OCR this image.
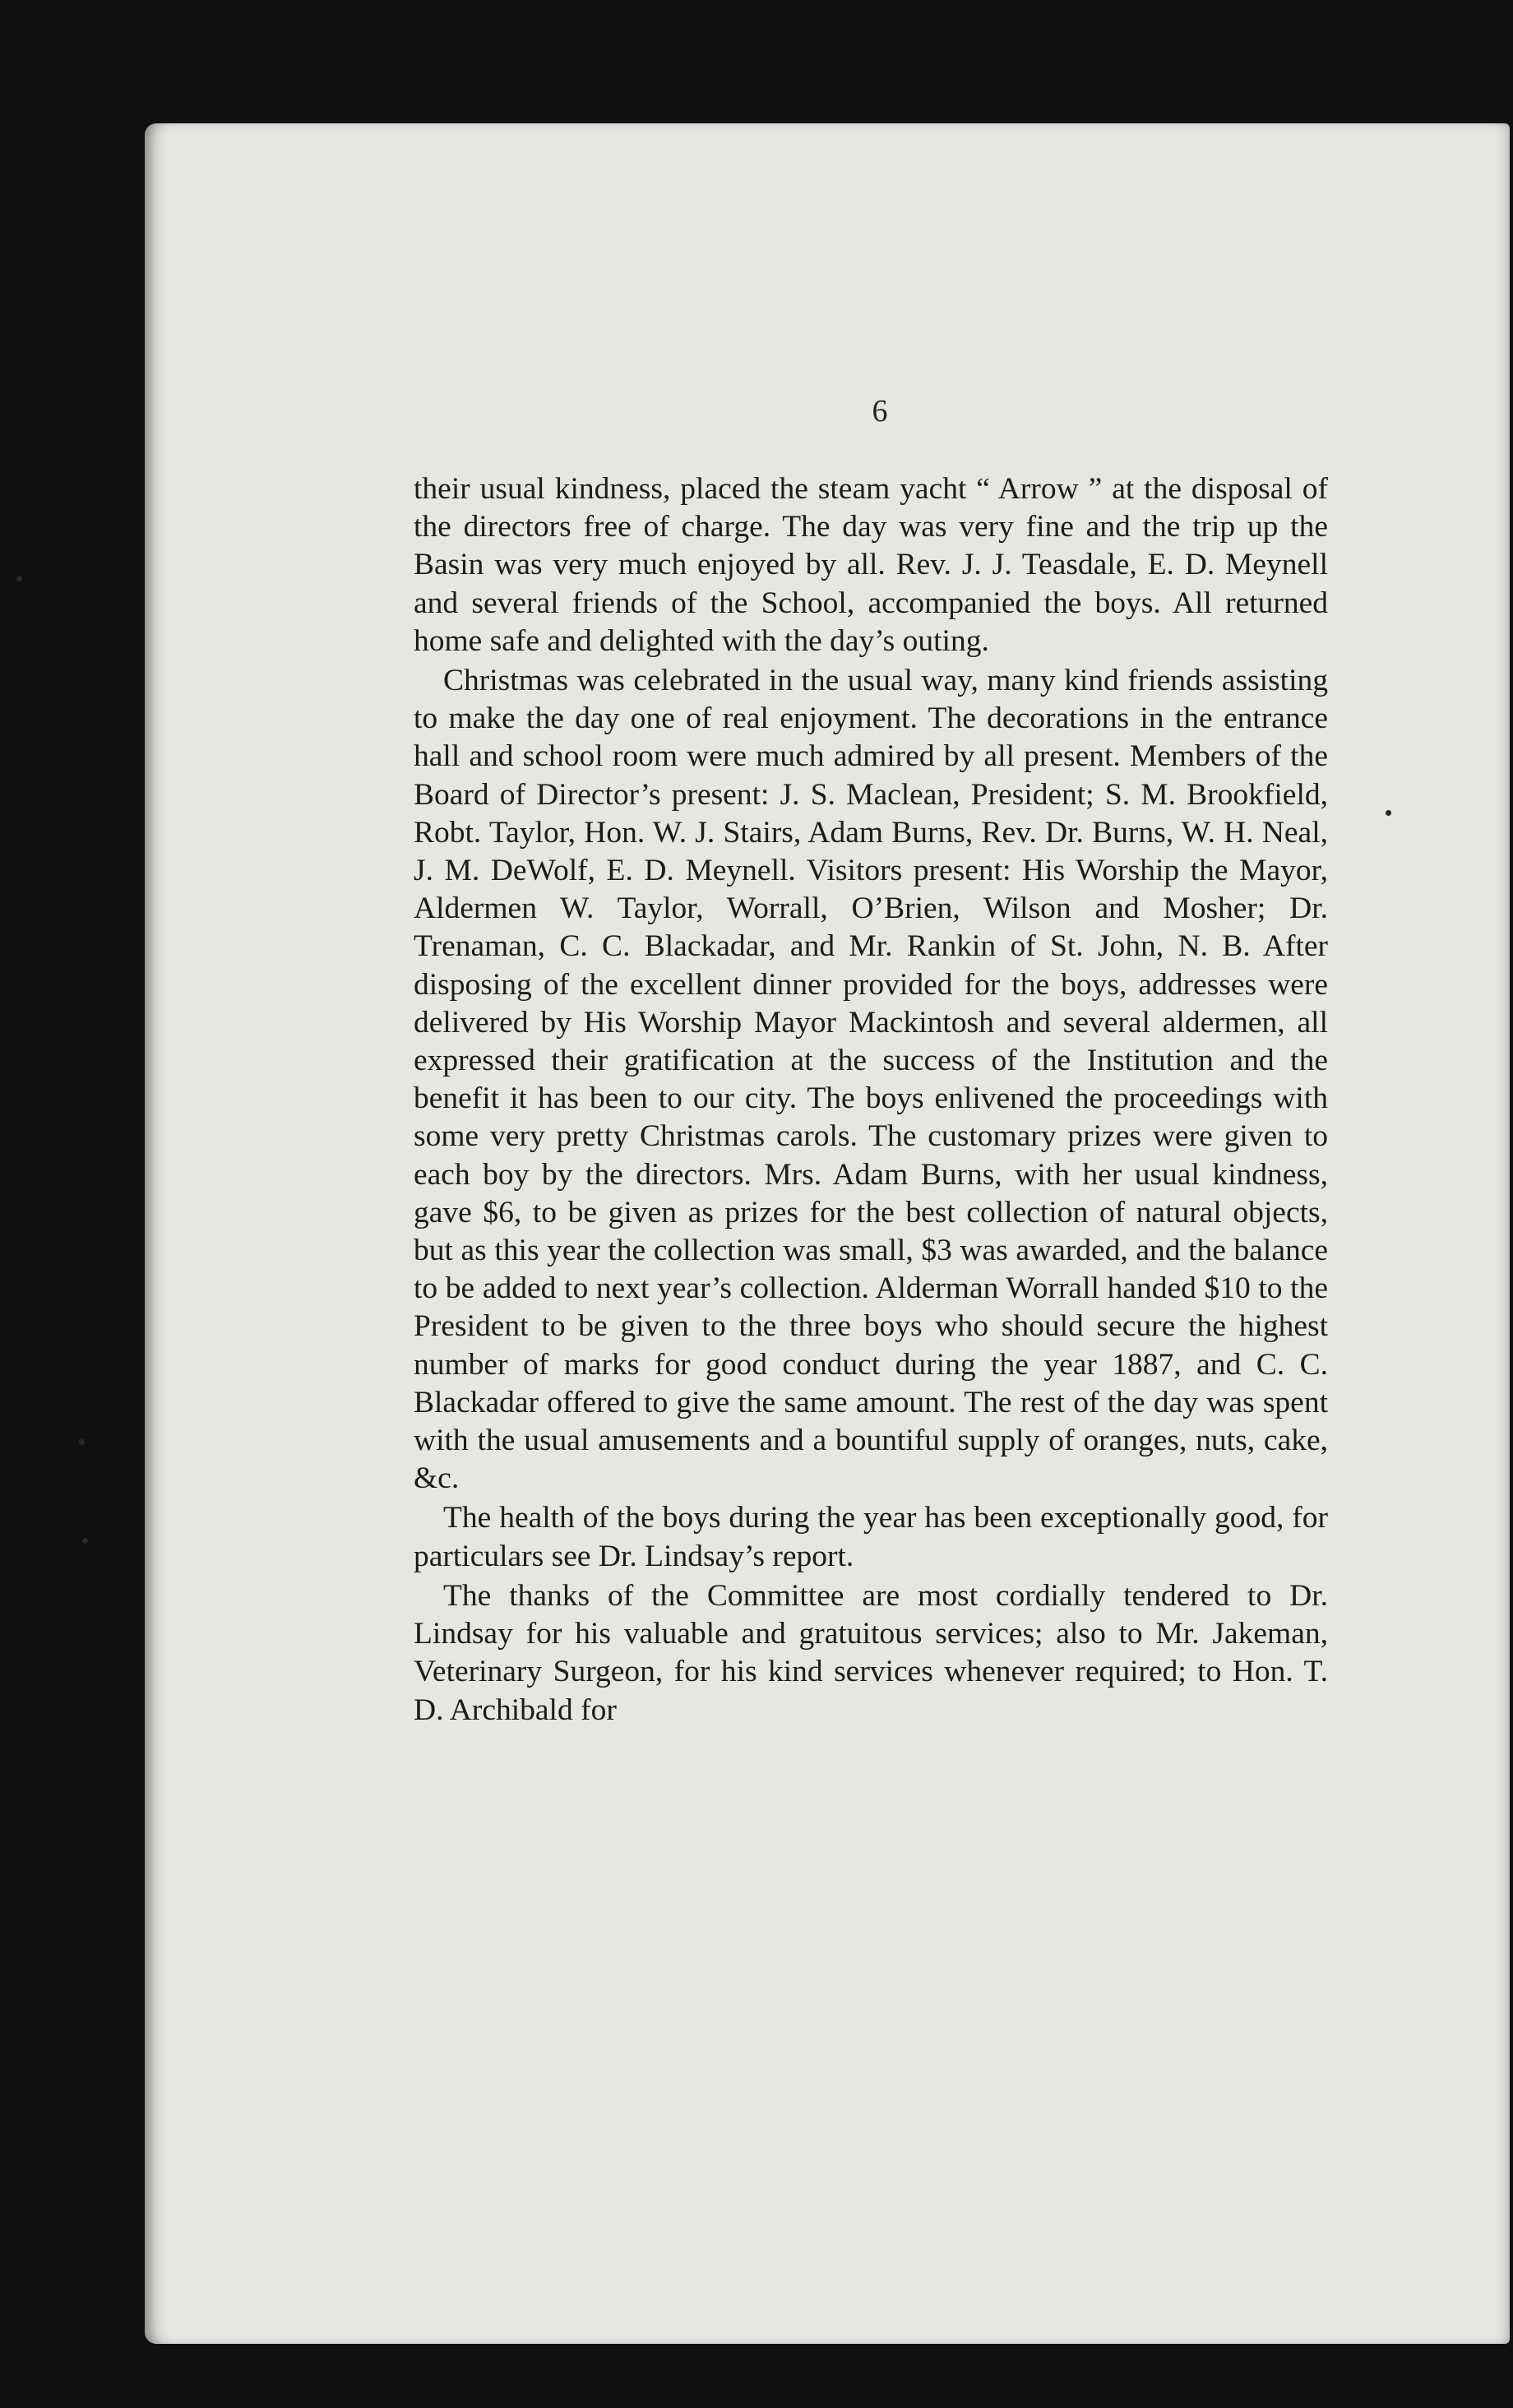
6

their usual kindness, placed the steam yacht “ Arrow ” at the disposal of the directors free of charge. The day was very fine and the trip up the Basin was very much enjoyed by all. Rev. J. J. Teasdale, E. D. Meynell and several friends of the School, accompanied the boys. All returned home safe and delighted with the day’s outing.

Christmas was celebrated in the usual way, many kind friends assisting to make the day one of real enjoyment. The decorations in the entrance hall and school room were much admired by all present. Members of the Board of Director’s present: J. S. Maclean, President; S. M. Brookfield, Robt. Taylor, Hon. W. J. Stairs, Adam Burns, Rev. Dr. Burns, W. H. Neal, J. M. DeWolf, E. D. Meynell. Visitors present: His Worship the Mayor, Aldermen W. Taylor, Worrall, O’Brien, Wilson and Mosher; Dr. Trenaman, C. C. Blackadar, and Mr. Rankin of St. John, N. B. After disposing of the excellent dinner provided for the boys, addresses were delivered by His Worship Mayor Mackintosh and several aldermen, all expressed their gratification at the success of the Institution and the benefit it has been to our city. The boys enlivened the proceedings with some very pretty Christmas carols. The customary prizes were given to each boy by the directors. Mrs. Adam Burns, with her usual kindness, gave $6, to be given as prizes for the best collection of natural objects, but as this year the collection was small, $3 was awarded, and the balance to be added to next year’s collection. Alderman Worrall handed $10 to the President to be given to the three boys who should secure the highest number of marks for good conduct during the year 1887, and C. C. Blackadar offered to give the same amount. The rest of the day was spent with the usual amusements and a bountiful supply of oranges, nuts, cake, &c.

The health of the boys during the year has been exceptionally good, for particulars see Dr. Lindsay’s report.

The thanks of the Committee are most cordially tendered to Dr. Lindsay for his valuable and gratuitous services; also to Mr. Jakeman, Veterinary Surgeon, for his kind services whenever required; to Hon. T. D. Archibald for
